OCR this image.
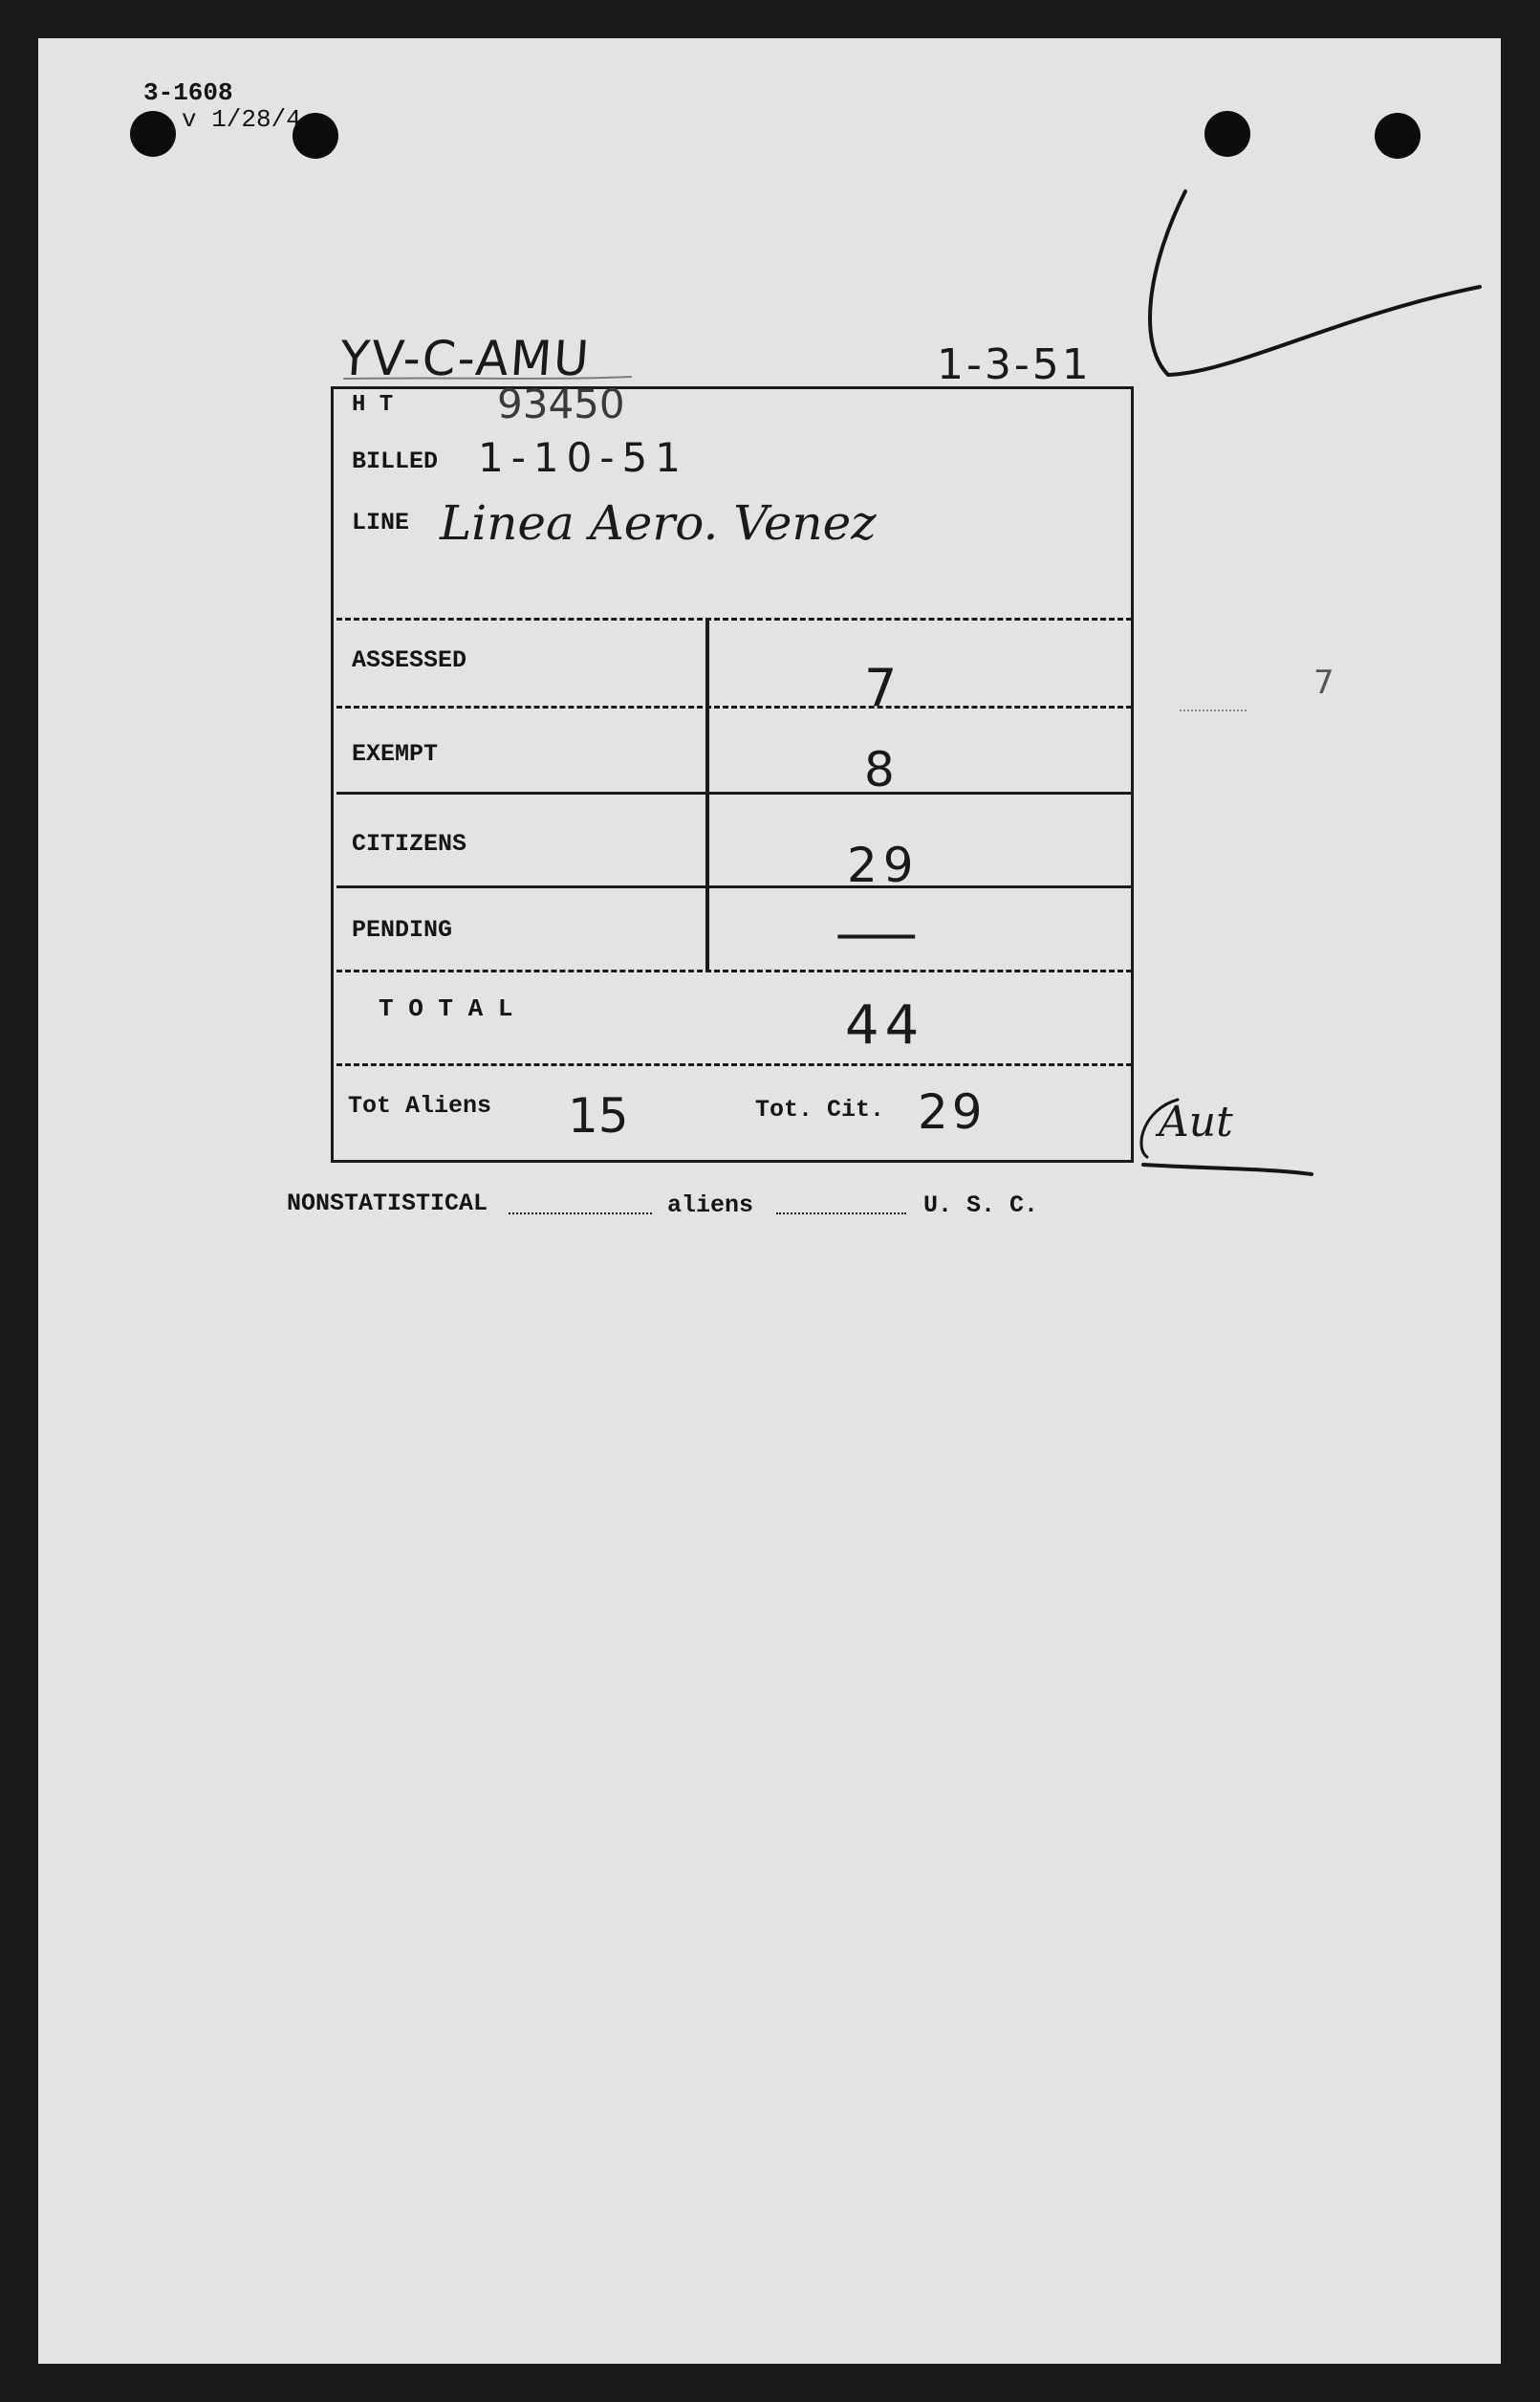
3-1608
v 1/28/4
YV-C-AMU	1-3-51
H T	93450
BILLED 1-10-51
LINE Linea Aero. Venez
ASSESSED	7
EXEMPT	8
CITIZENS	29
PENDING	—
T O T A L	44
Tot Aliens 15	Tot. Cit. 29
NONSTATISTICAL	aliens	U. S. C.
7
Aut
